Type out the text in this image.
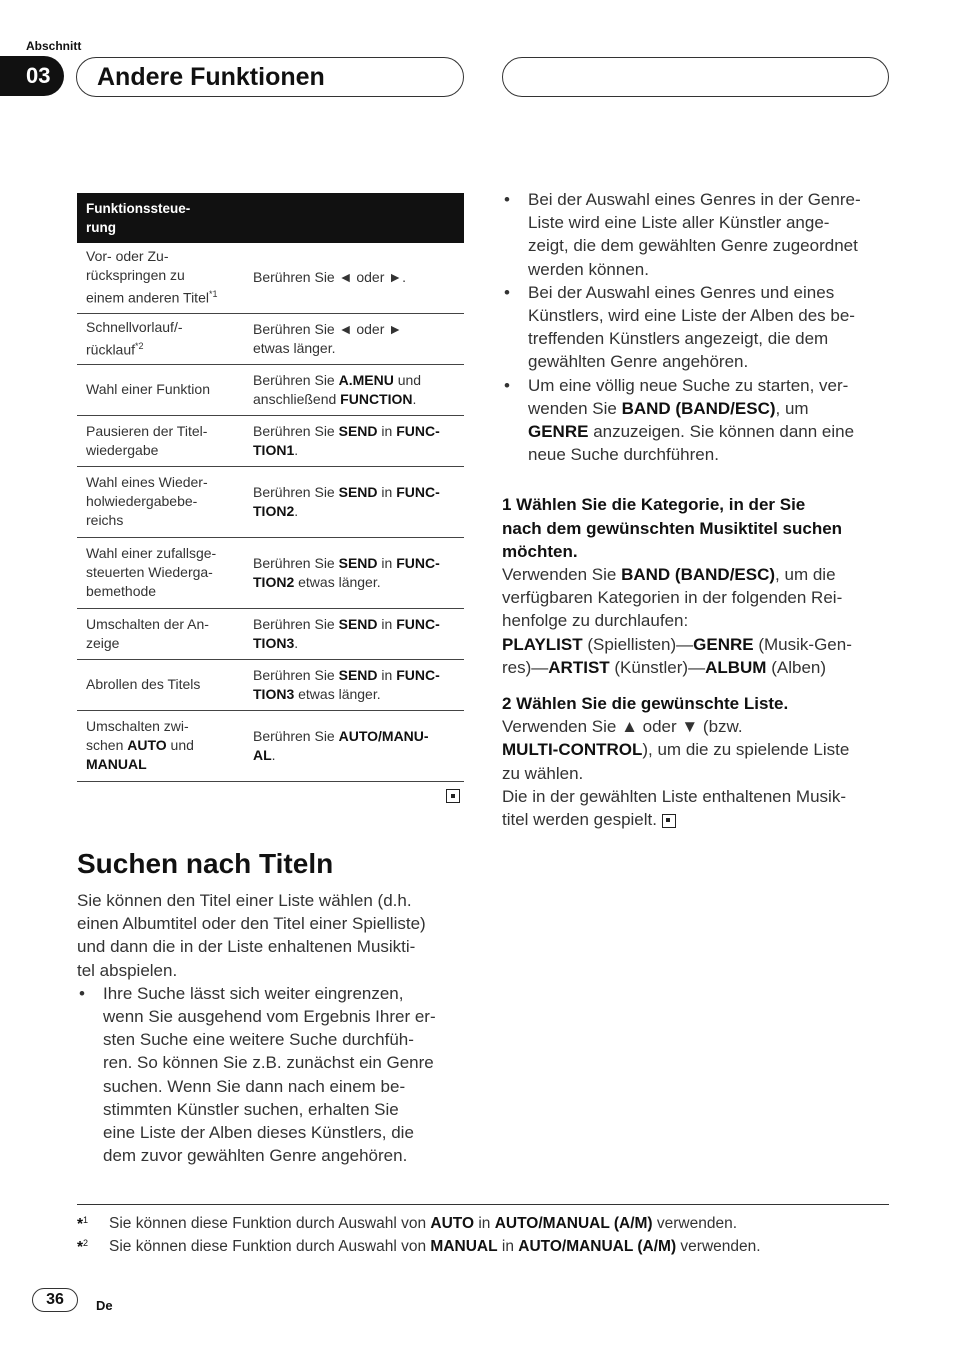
Abschnitt
03	Andere Funktionen
Funktionssteue-
rung	
Vor- oder Zu-
rückspringen zu
einem anderen Titel$^{*1}$	Berühren Sie ◄ oder ►.
Schnellvorlauf/-
rücklauf$^{*2}$	Berühren Sie ◄ oder ►
etwas länger.
Wahl einer Funktion	Berühren Sie A.MENU und
anschließend FUNCTION.
Pausieren der Titel-
wiedergabe	Berühren Sie SEND in FUNC-
TION1.
Wahl eines Wieder-
holwiedergabebe-
reichs	Berühren Sie SEND in FUNC-
TION2.
Wahl einer zufallsge-
steuerten Wiederga-
bemethode	Berühren Sie SEND in FUNC-
TION2 etwas länger.
Umschalten der An-
zeige	Berühren Sie SEND in FUNC-
TION3.
Abrollen des Titels	Berühren Sie SEND in FUNC-
TION3 etwas länger.
Umschalten zwi-
schen AUTO und
MANUAL	Berühren Sie AUTO/MANU-
AL.
Suchen nach Titeln

Sie können den Titel einer Liste wählen (d.h.
einen Albumtitel oder den Titel einer Spielliste)
und dann die in der Liste enhaltenen Musikti-
tel abspielen.

• Ihre Suche lässt sich weiter eingrenzen,
wenn Sie ausgehend vom Ergebnis Ihrer er-
sten Suche eine weitere Suche durchfüh-
ren. So können Sie z.B. zunächst ein Genre
suchen. Wenn Sie dann nach einem be-
stimmten Künstler suchen, erhalten Sie
eine Liste der Alben dieses Künstlers, die
dem zuvor gewählten Genre angehören.

• Bei der Auswahl eines Genres in der Genre-
Liste wird eine Liste aller Künstler ange-
zeigt, die dem gewählten Genre zugeordnet
werden können.

• Bei der Auswahl eines Genres und eines
Künstlers, wird eine Liste der Alben des be-
treffenden Künstlers angezeigt, die dem
gewählten Genre angehören.

• Um eine völlig neue Suche zu starten, ver-
wenden Sie BAND (BAND/ESC), um
GENRE anzuzeigen. Sie können dann eine
neue Suche durchführen.

1 Wählen Sie die Kategorie, in der Sie
nach dem gewünschten Musiktitel suchen
möchten.

Verwenden Sie BAND (BAND/ESC), um die
verfügbaren Kategorien in der folgenden Rei-
henfolge zu durchlaufen:
PLAYLIST (Spiellisten)—GENRE (Musik-Gen-
res)—ARTIST (Künstler)—ALBUM (Alben)

2 Wählen Sie die gewünschte Liste.

Verwenden Sie ▲ oder ▼ (bzw.
MULTI-CONTROL), um die zu spielende Liste
zu wählen.
Die in der gewählten Liste enthaltenen Musik-
titel werden gespielt.

*$^1$	Sie können diese Funktion durch Auswahl von AUTO in AUTO/MANUAL (A/M) verwenden.
*$^2$	Sie können diese Funktion durch Auswahl von MANUAL in AUTO/MANUAL (A/M) verwenden.
36	De
